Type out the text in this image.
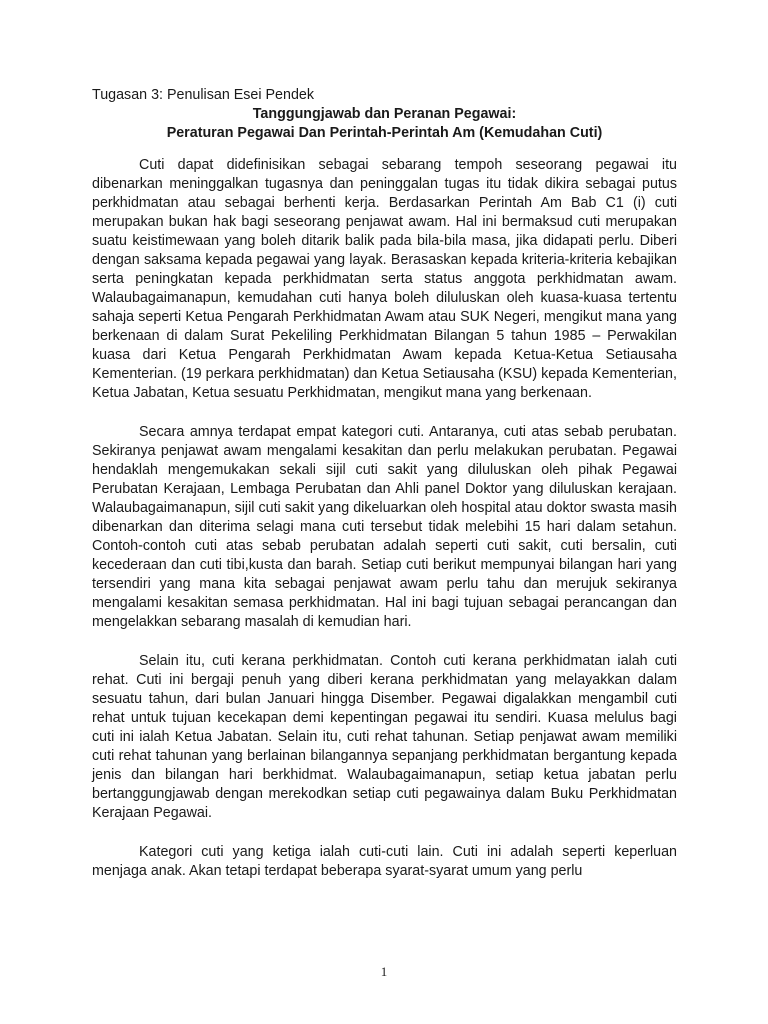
Tugasan 3: Penulisan Esei Pendek

Tanggungjawab dan Peranan Pegawai:

Peraturan Pegawai Dan Perintah-Perintah Am (Kemudahan Cuti)

Cuti dapat didefinisikan sebagai sebarang tempoh seseorang pegawai itu dibenarkan meninggalkan tugasnya dan peninggalan tugas itu tidak dikira sebagai putus perkhidmatan atau sebagai berhenti kerja. Berdasarkan Perintah Am Bab C1 (i) cuti merupakan bukan hak bagi seseorang penjawat awam. Hal ini bermaksud cuti merupakan suatu keistimewaan yang boleh ditarik balik pada bila-bila masa, jika didapati perlu. Diberi dengan saksama kepada pegawai yang layak. Berasaskan kepada kriteria-kriteria kebajikan serta peningkatan kepada perkhidmatan serta status anggota perkhidmatan awam. Walaubagaimanapun, kemudahan cuti hanya boleh diluluskan oleh kuasa-kuasa tertentu sahaja seperti Ketua Pengarah Perkhidmatan Awam atau SUK Negeri, mengikut mana yang berkenaan di dalam Surat Pekeliling Perkhidmatan Bilangan 5 tahun 1985 – Perwakilan kuasa dari Ketua Pengarah Perkhidmatan Awam kepada Ketua-Ketua Setiausaha Kementerian. (19 perkara perkhidmatan) dan Ketua Setiausaha (KSU) kepada Kementerian, Ketua Jabatan, Ketua sesuatu Perkhidmatan, mengikut mana yang berkenaan.

Secara amnya terdapat empat kategori cuti. Antaranya, cuti atas sebab perubatan. Sekiranya penjawat awam mengalami kesakitan dan perlu melakukan perubatan. Pegawai hendaklah mengemukakan sekali sijil cuti sakit yang diluluskan oleh pihak Pegawai Perubatan Kerajaan, Lembaga Perubatan dan Ahli panel Doktor yang diluluskan kerajaan. Walaubagaimanapun, sijil cuti sakit yang dikeluarkan oleh hospital atau doktor swasta masih dibenarkan dan diterima selagi mana cuti tersebut tidak melebihi 15 hari dalam setahun. Contoh-contoh cuti atas sebab perubatan adalah seperti cuti sakit, cuti bersalin, cuti kecederaan dan cuti tibi,kusta dan barah. Setiap cuti berikut mempunyai bilangan hari yang tersendiri yang mana kita sebagai penjawat awam perlu tahu dan merujuk sekiranya mengalami kesakitan semasa perkhidmatan. Hal ini bagi tujuan sebagai perancangan dan mengelakkan sebarang masalah di kemudian hari.

Selain itu, cuti kerana perkhidmatan. Contoh cuti kerana perkhidmatan ialah cuti rehat. Cuti ini bergaji penuh yang diberi kerana perkhidmatan yang melayakkan dalam sesuatu tahun, dari bulan Januari hingga Disember. Pegawai digalakkan mengambil cuti rehat untuk tujuan kecekapan demi kepentingan pegawai itu sendiri. Kuasa melulus bagi cuti ini ialah Ketua Jabatan. Selain itu, cuti rehat tahunan. Setiap penjawat awam memiliki cuti rehat tahunan yang berlainan bilangannya sepanjang perkhidmatan bergantung kepada jenis dan bilangan hari berkhidmat. Walaubagaimanapun, setiap ketua jabatan perlu bertanggungjawab dengan merekodkan setiap cuti pegawainya dalam Buku Perkhidmatan Kerajaan Pegawai.

Kategori cuti yang ketiga ialah cuti-cuti lain. Cuti ini adalah seperti keperluan menjaga anak. Akan tetapi terdapat beberapa syarat-syarat umum yang perlu

1
